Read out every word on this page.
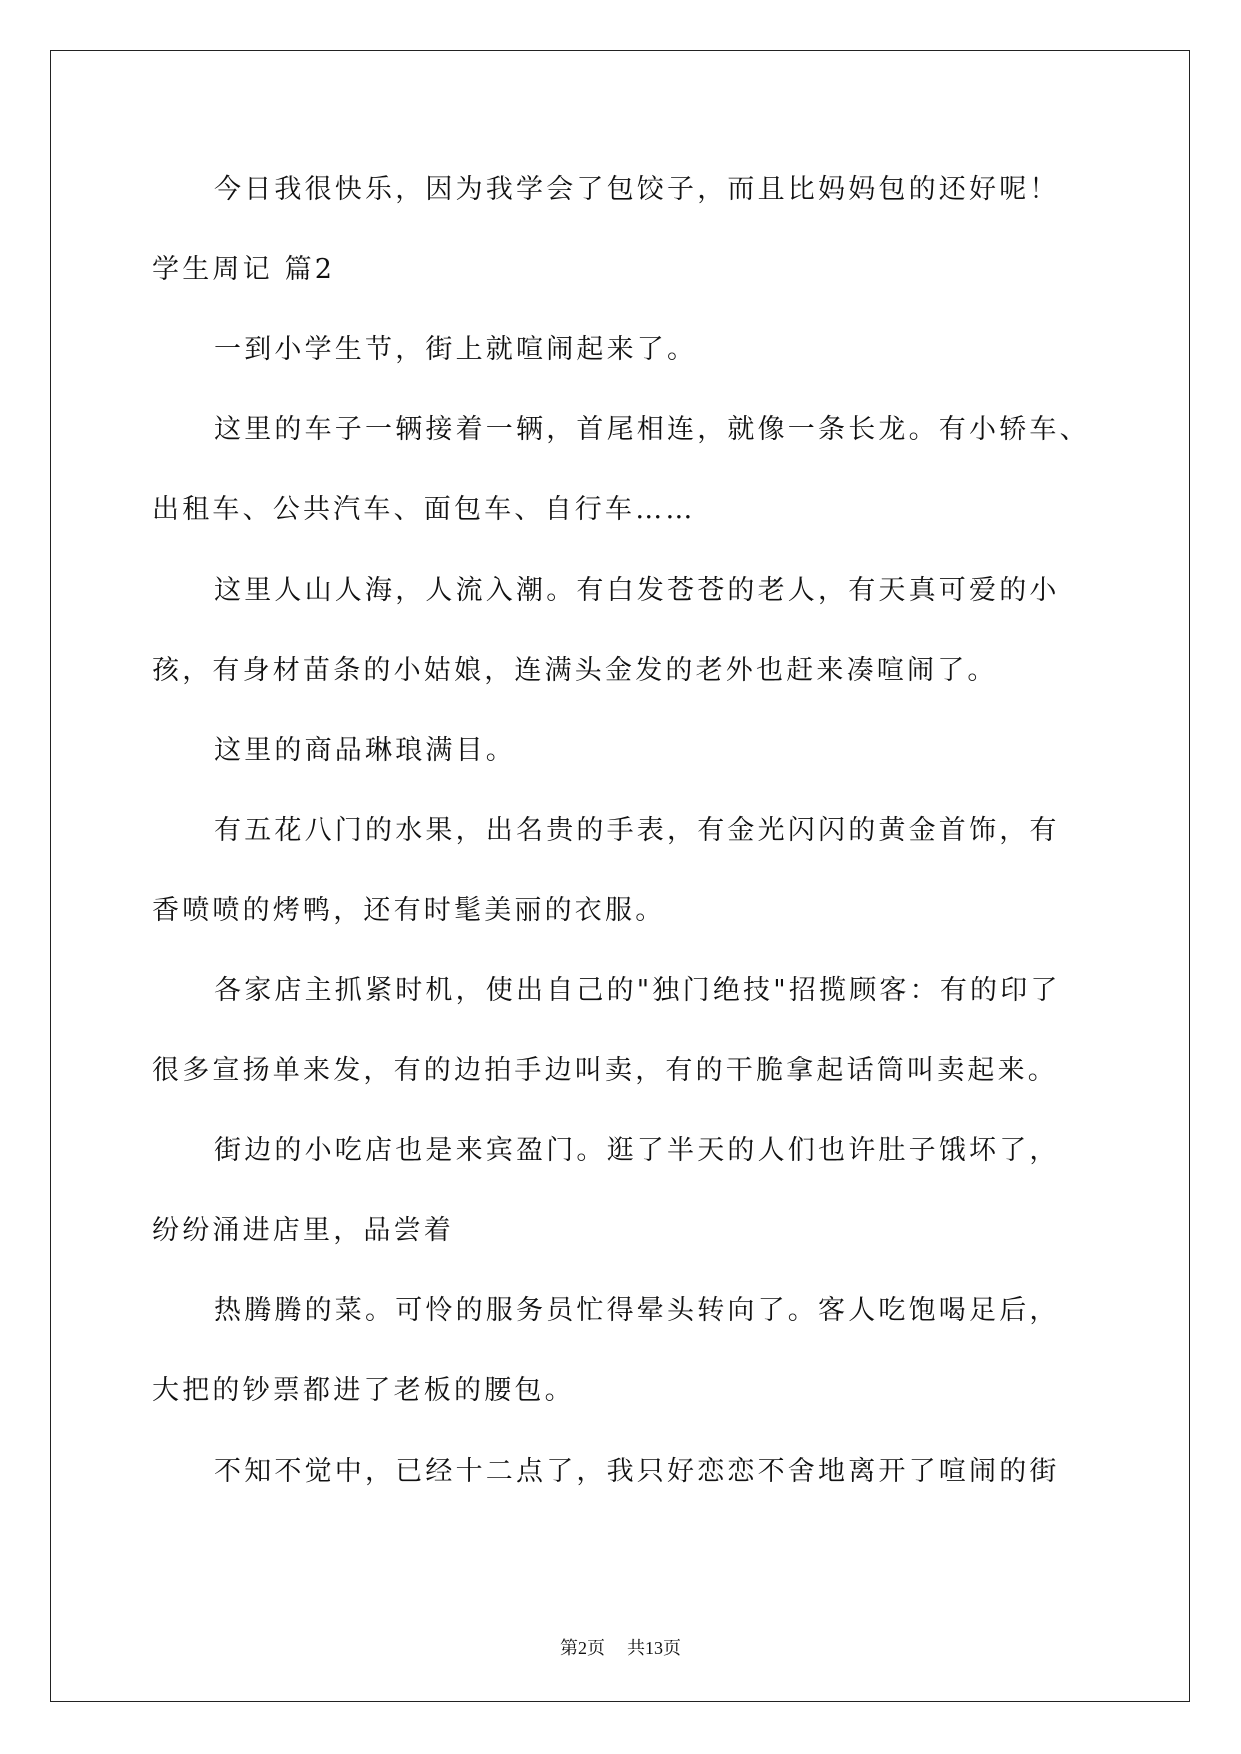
今日我很快乐，因为我学会了包饺子，而且比妈妈包的还好呢！
学生周记 篇2
一到小学生节，街上就喧闹起来了。
这里的车子一辆接着一辆，首尾相连，就像一条长龙。有小轿车、
出租车、公共汽车、面包车、自行车……
这里人山人海，人流入潮。有白发苍苍的老人，有天真可爱的小
孩，有身材苗条的小姑娘，连满头金发的老外也赶来凑喧闹了。
这里的商品琳琅满目。
有五花八门的水果，出名贵的手表，有金光闪闪的黄金首饰，有
香喷喷的烤鸭，还有时髦美丽的衣服。
各家店主抓紧时机，使出自己的"独门绝技"招揽顾客：有的印了
很多宣扬单来发，有的边拍手边叫卖，有的干脆拿起话筒叫卖起来。
街边的小吃店也是来宾盈门。逛了半天的人们也许肚子饿坏了，
纷纷涌进店里，品尝着
热腾腾的菜。可怜的服务员忙得晕头转向了。客人吃饱喝足后，
大把的钞票都进了老板的腰包。
不知不觉中，已经十二点了，我只好恋恋不舍地离开了喧闹的街
第2页 共13页
